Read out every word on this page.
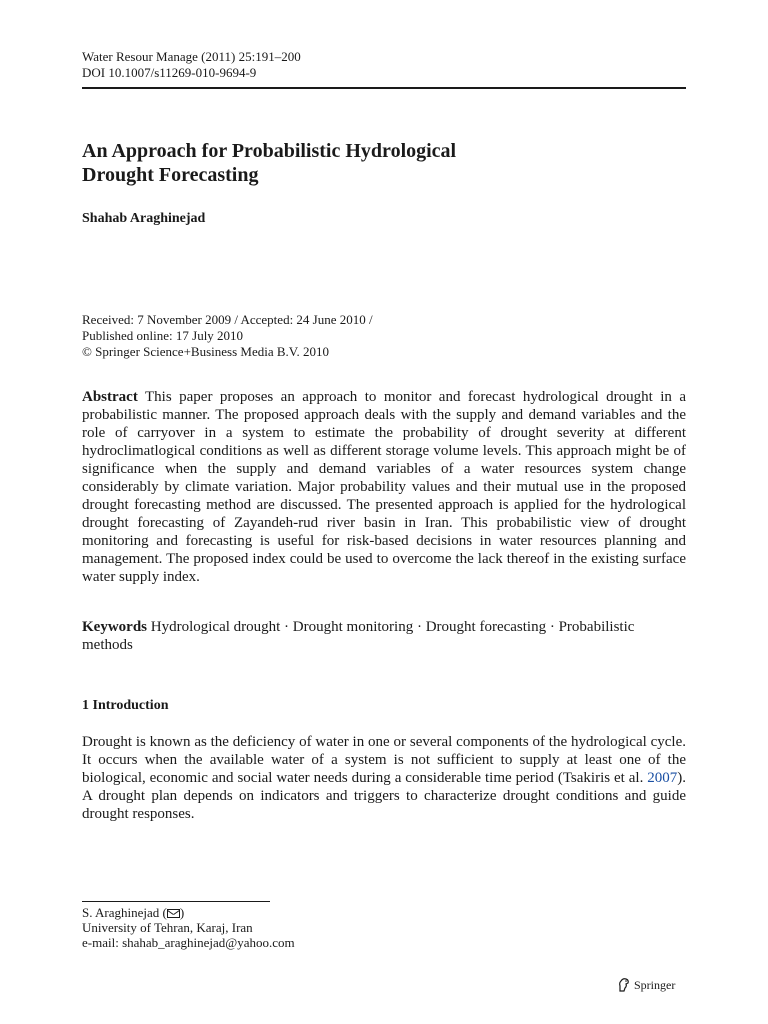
Water Resour Manage (2011) 25:191–200
DOI 10.1007/s11269-010-9694-9
An Approach for Probabilistic Hydrological
Drought Forecasting
Shahab Araghinejad
Received: 7 November 2009 / Accepted: 24 June 2010 /
Published online: 17 July 2010
© Springer Science+Business Media B.V. 2010
Abstract This paper proposes an approach to monitor and forecast hydrological drought in a probabilistic manner. The proposed approach deals with the supply and demand variables and the role of carryover in a system to estimate the probability of drought severity at different hydroclimatlogical conditions as well as different storage volume levels. This approach might be of significance when the supply and demand variables of a water resources system change considerably by climate variation. Major probability values and their mutual use in the proposed drought forecasting method are discussed. The presented approach is applied for the hydrological drought forecasting of Zayandeh-rud river basin in Iran. This probabilistic view of drought monitoring and forecasting is useful for risk-based decisions in water resources planning and management. The proposed index could be used to overcome the lack thereof in the existing surface water supply index.
Keywords Hydrological drought · Drought monitoring · Drought forecasting · Probabilistic methods
1 Introduction
Drought is known as the deficiency of water in one or several components of the hydrological cycle. It occurs when the available water of a system is not sufficient to supply at least one of the biological, economic and social water needs during a considerable time period (Tsakiris et al. 2007). A drought plan depends on indicators and triggers to characterize drought conditions and guide drought responses.
S. Araghinejad ( )
University of Tehran, Karaj, Iran
e-mail: shahab_araghinejad@yahoo.com
Springer
